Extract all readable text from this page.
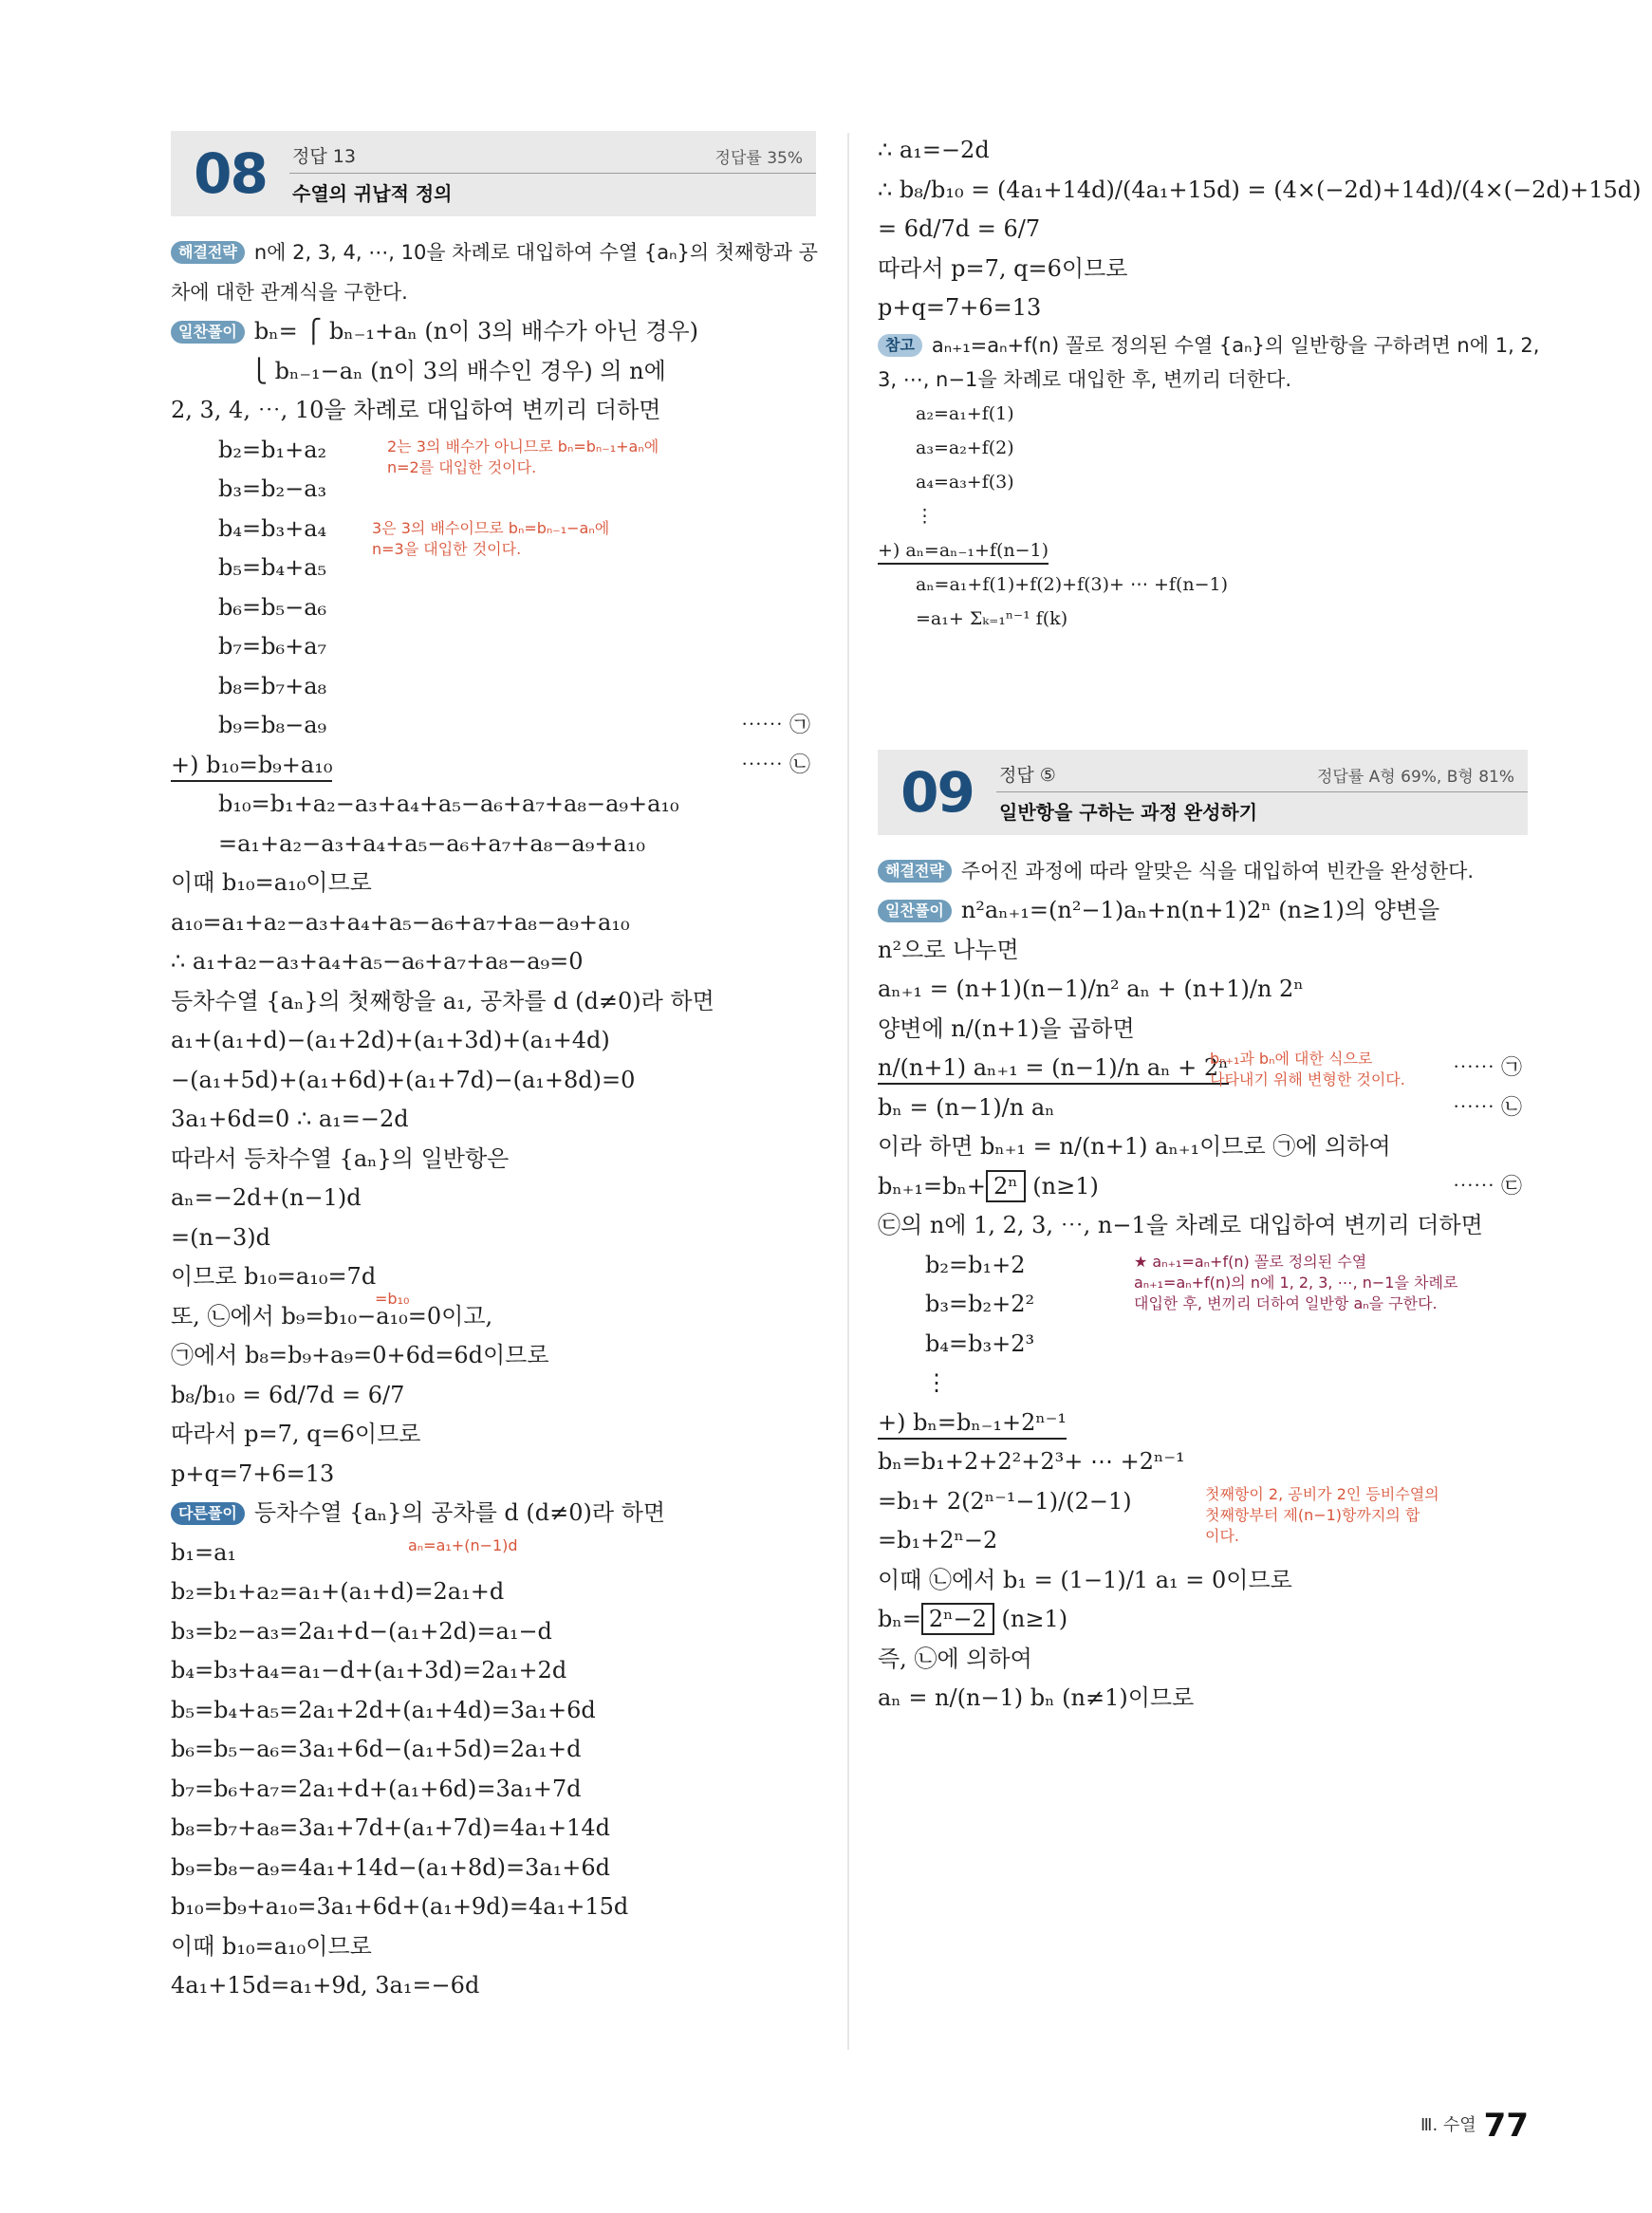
08	정답 13	정답률 35%
수열의 귀납적 정의
해결전략 n에 2, 3, 4, ⋯, 10을 차례로 대입하여 수열 {aₙ}의 첫째항과 공
차에 대한 관계식을 구한다.
일찬풀이 bₙ= ⎧ bₙ₋₁+aₙ (n이 3의 배수가 아닌 경우)
⎩ bₙ₋₁−aₙ (n이 3의 배수인 경우) 의 n에
2, 3, 4, ⋯, 10을 차례로 대입하여 변끼리 더하면
b₂=b₁+a₂
b₃=b₂−a₃
b₄=b₃+a₄
b₅=b₄+a₅
b₆=b₅−a₆
b₇=b₆+a₇
b₈=b₇+a₈
b₉=b₈−a₉	⋯⋯ ㉠
2는 3의 배수가 아니므로 bₙ=bₙ₋₁+aₙ에
n=2를 대입한 것이다.
3은 3의 배수이므로 bₙ=bₙ₋₁−aₙ에
n=3을 대입한 것이다.
+) b₁₀=b₉+a₁₀	⋯⋯ ㉡
b₁₀=b₁+a₂−a₃+a₄+a₅−a₆+a₇+a₈−a₉+a₁₀
=a₁+a₂−a₃+a₄+a₅−a₆+a₇+a₈−a₉+a₁₀
이때 b₁₀=a₁₀이므로
a₁₀=a₁+a₂−a₃+a₄+a₅−a₆+a₇+a₈−a₉+a₁₀
∴ a₁+a₂−a₃+a₄+a₅−a₆+a₇+a₈−a₉=0
등차수열 {aₙ}의 첫째항을 a₁, 공차를 d (d≠0)라 하면
a₁+(a₁+d)−(a₁+2d)+(a₁+3d)+(a₁+4d)
−(a₁+5d)+(a₁+6d)+(a₁+7d)−(a₁+8d)=0
3a₁+6d=0 ∴ a₁=−2d
따라서 등차수열 {aₙ}의 일반항은
aₙ=−2d+(n−1)d
=(n−3)d
이므로 b₁₀=a₁₀=7d
또, ㉡에서 b₉=b₁₀−a₁₀=0이고,
=b₁₀
㉠에서 b₈=b₉+a₉=0+6d=6d이므로
b₈/b₁₀ = 6d/7d = 6/7
따라서 p=7, q=6이므로
p+q=7+6=13
다른풀이 등차수열 {aₙ}의 공차를 d (d≠0)라 하면
aₙ=a₁+(n−1)d
b₁=a₁
b₂=b₁+a₂=a₁+(a₁+d)=2a₁+d
b₃=b₂−a₃=2a₁+d−(a₁+2d)=a₁−d
b₄=b₃+a₄=a₁−d+(a₁+3d)=2a₁+2d
b₅=b₄+a₅=2a₁+2d+(a₁+4d)=3a₁+6d
b₆=b₅−a₆=3a₁+6d−(a₁+5d)=2a₁+d
b₇=b₆+a₇=2a₁+d+(a₁+6d)=3a₁+7d
b₈=b₇+a₈=3a₁+7d+(a₁+7d)=4a₁+14d
b₉=b₈−a₉=4a₁+14d−(a₁+8d)=3a₁+6d
b₁₀=b₉+a₁₀=3a₁+6d+(a₁+9d)=4a₁+15d
이때 b₁₀=a₁₀이므로
4a₁+15d=a₁+9d, 3a₁=−6d
∴ a₁=−2d
∴ b₈/b₁₀ = (4a₁+14d)/(4a₁+15d) = (4×(−2d)+14d)/(4×(−2d)+15d)
= 6d/7d = 6/7
따라서 p=7, q=6이므로
p+q=7+6=13
참고 aₙ₊₁=aₙ+f(n) 꼴로 정의된 수열 {aₙ}의 일반항을 구하려면 n에 1, 2,
3, ⋯, n−1을 차례로 대입한 후, 변끼리 더한다.
a₂=a₁+f(1)
a₃=a₂+f(2)
a₄=a₃+f(3)
⋮
+) aₙ=aₙ₋₁+f(n−1)
aₙ=a₁+f(1)+f(2)+f(3)+ ⋯ +f(n−1)
=a₁+ Σₖ₌₁ⁿ⁻¹ f(k)
09	정답 ⑤	정답률 A형 69%, B형 81%
일반항을 구하는 과정 완성하기
해결전략 주어진 과정에 따라 알맞은 식을 대입하여 빈칸을 완성한다.
일찬풀이 n²aₙ₊₁=(n²−1)aₙ+n(n+1)2ⁿ (n≥1)의 양변을
n²으로 나누면
aₙ₊₁ = (n+1)(n−1)/n² aₙ + (n+1)/n 2ⁿ
양변에 n/(n+1)을 곱하면
n/(n+1) aₙ₊₁ = (n−1)/n aₙ + 2ⁿ	⋯⋯ ㉠
bₙ₊₁과 bₙ에 대한 식으로
나타내기 위해 변형한 것이다.
bₙ = (n−1)/n aₙ	⋯⋯ ㉡
이라 하면 bₙ₊₁ = n/(n+1) aₙ₊₁이므로 ㉠에 의하여
bₙ₊₁=bₙ+ 2ⁿ (n≥1)	⋯⋯ ㉢
㉢의 n에 1, 2, 3, ⋯, n−1을 차례로 대입하여 변끼리 더하면
b₂=b₁+2
b₃=b₂+2²
b₄=b₃+2³
⋮
★ aₙ₊₁=aₙ+f(n) 꼴로 정의된 수열
aₙ₊₁=aₙ+f(n)의 n에 1, 2, 3, ⋯, n−1을 차례로
대입한 후, 변끼리 더하여 일반항 aₙ을 구한다.
+) bₙ=bₙ₋₁+2ⁿ⁻¹
bₙ=b₁+2+2²+2³+ ⋯ +2ⁿ⁻¹
=b₁+ 2(2ⁿ⁻¹−1)/(2−1)
=b₁+2ⁿ−2
첫째항이 2, 공비가 2인 등비수열의
첫째항부터 제(n−1)항까지의 합
이다.
이때 ㉡에서 b₁ = (1−1)/1 a₁ = 0이므로
bₙ= 2ⁿ−2 (n≥1)
즉, ㉡에 의하여
aₙ = n/(n−1) bₙ (n≠1)이므로
Ⅲ. 수열 77
